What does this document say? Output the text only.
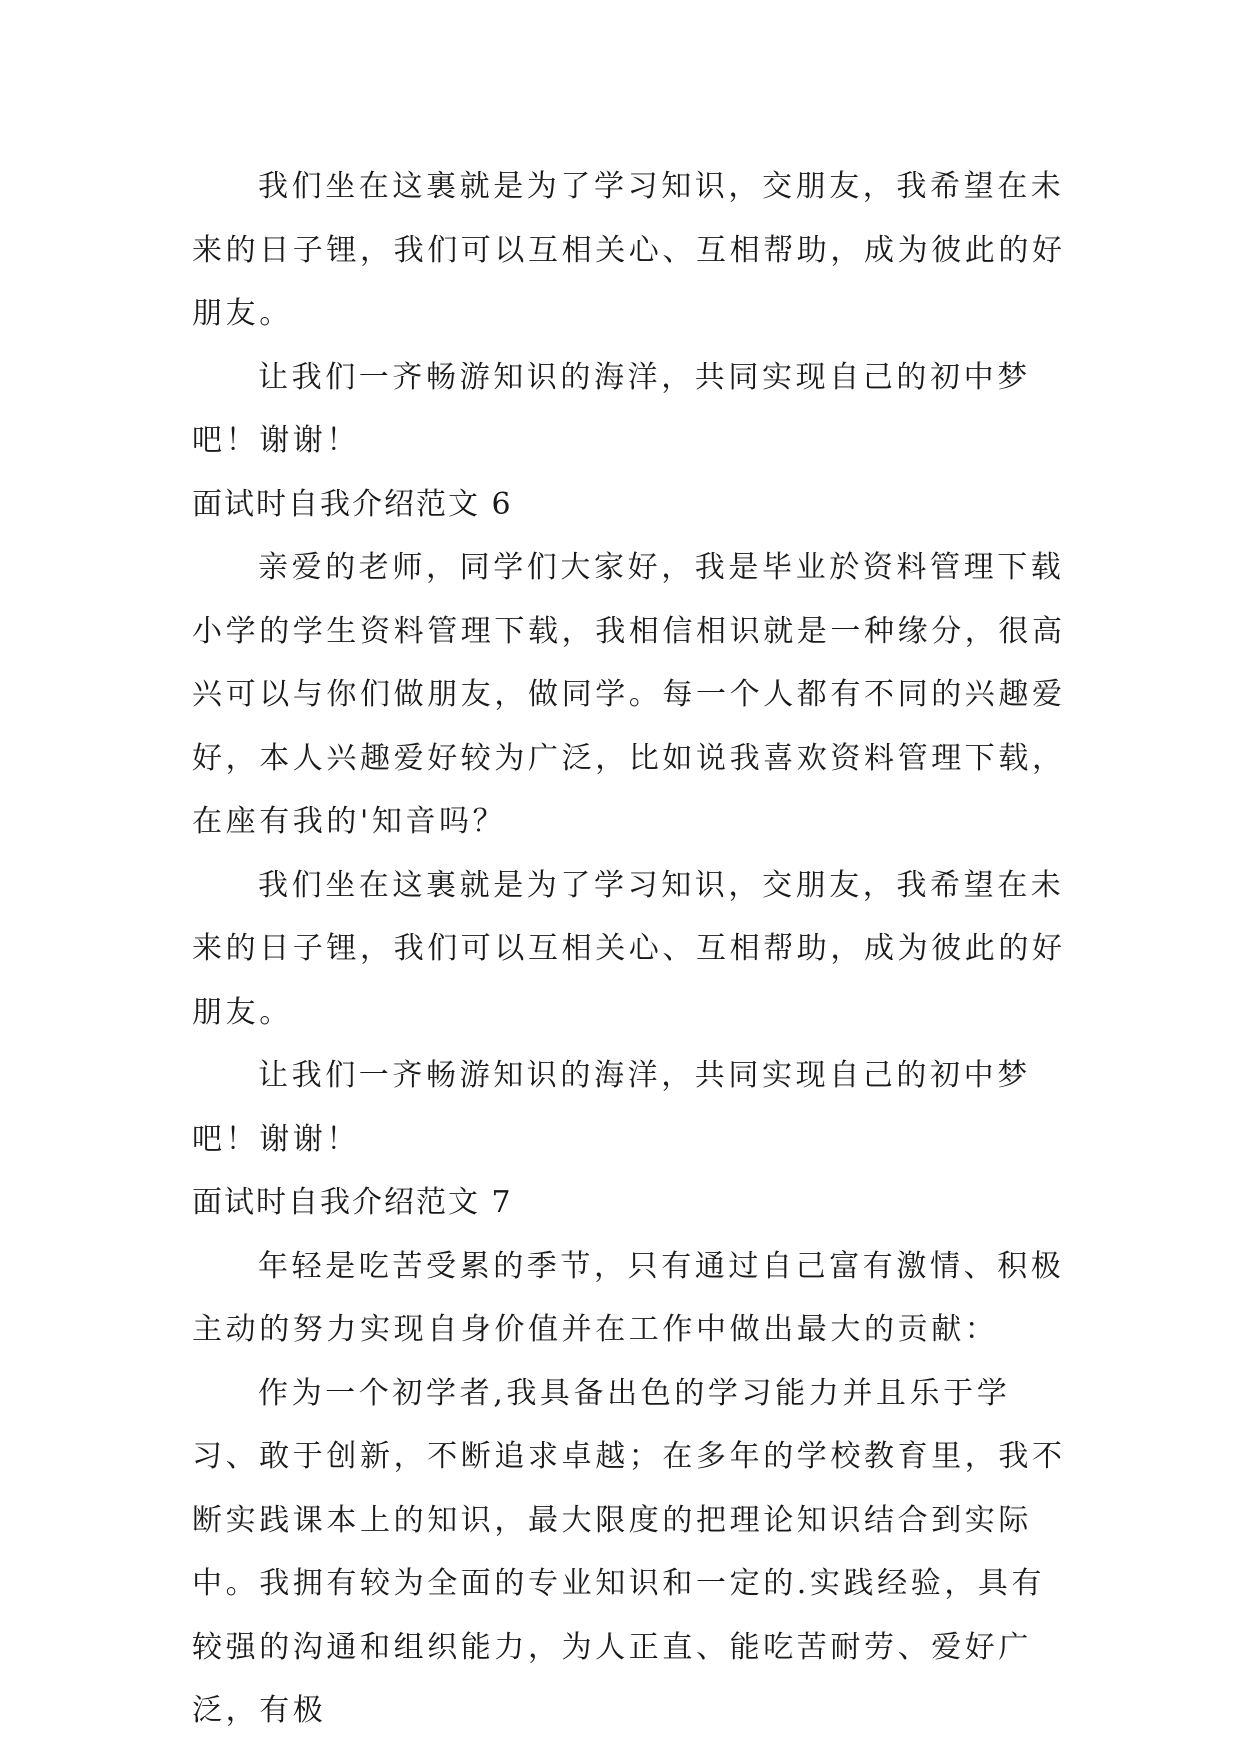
我们坐在这裏就是为了学习知识，交朋友，我希望在未来的日子锂，我们可以互相关心、互相帮助，成为彼此的好朋友。

让我们一齐畅游知识的海洋，共同实现自己的初中梦吧！谢谢！

面试时自我介绍范文 6

亲爱的老师，同学们大家好，我是毕业於资料管理下载小学的学生资料管理下载，我相信相识就是一种缘分，很高兴可以与你们做朋友，做同学。每一个人都有不同的兴趣爱好，本人兴趣爱好较为广泛，比如说我喜欢资料管理下载，在座有我的'知音吗？

我们坐在这裏就是为了学习知识，交朋友，我希望在未来的日子锂，我们可以互相关心、互相帮助，成为彼此的好朋友。

让我们一齐畅游知识的海洋，共同实现自己的初中梦吧！谢谢！

面试时自我介绍范文 7

年轻是吃苦受累的季节，只有通过自己富有激情、积极主动的努力实现自身价值并在工作中做出最大的贡献：

作为一个初学者,我具备出色的学习能力并且乐于学习、敢于创新，不断追求卓越；在多年的学校教育里，我不断实践课本上的知识，最大限度的把理论知识结合到实际中。我拥有较为全面的专业知识和一定的.实践经验，具有较强的沟通和组织能力，为人正直、能吃苦耐劳、爱好广泛，有极
